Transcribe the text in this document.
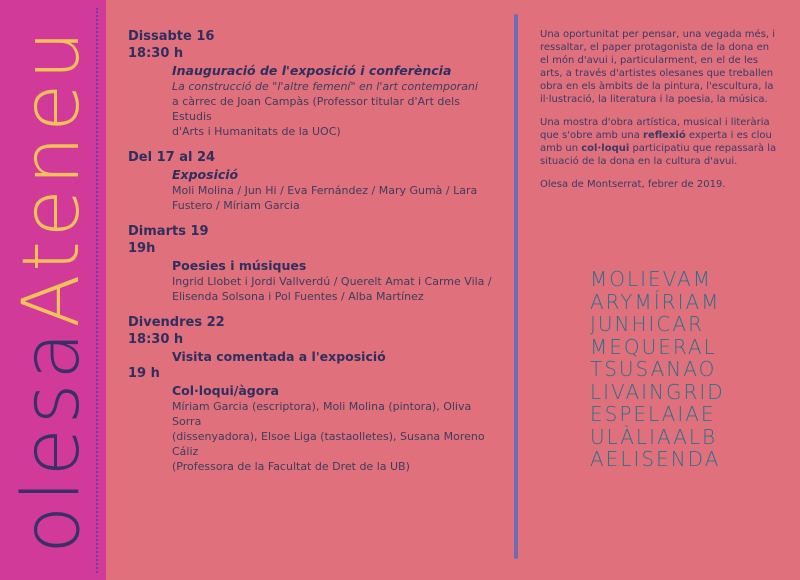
olesaAteneu Dissabte 16
18:30 h
Inauguració de l'exposició i conferència
La construcció de "l'altre femení" en l'art contemporani
a càrrec de Joan Campàs (Professor titular d'Art dels Estudis
d'Arts i Humanitats de la UOC)
Del 17 al 24
Exposició
Moli Molina / Jun Hi / Eva Fernández / Mary Gumà / Lara
Fustero / Míriam Garcia
Dimarts 19
19h
Poesies i músiques
Ingrid Llobet i Jordi Vallverdú / Querelt Amat i Carme Vila /
Elisenda Solsona i Pol Fuentes / Alba Martínez
Divendres 22
18:30 h
Visita comentada a l'exposició
19 h
Col·loqui/àgora
Míriam Garcia (escriptora), Moli Molina (pintora), Oliva Sorra
(dissenyadora), Elsoe Liga (tastaolletes), Susana Moreno Cáliz
(Professora de la Facultat de Dret de la UB)

Una oportunitat per pensar, una vegada més, i ressaltar, el paper protagonista de la dona en el món d'avui i, particularment, en el de les arts, a través d'artistes olesanes que treballen obra en els àmbits de la pintura, l'escultura, la il·lustració, la literatura i la poesia, la música.

Una mostra d'obra artística, musical i literària que s'obre amb una reflexió experta i es clou amb un col·loqui participatiu que repassarà la situació de la dona en la cultura d'avui.

Olesa de Montserrat, febrer de 2019.

MOLIEVAM
ARYMÍRIAM
JUNHICAR
MEQUERAL
TSUSANAO
LIVAINGRID
ESPELAIAE
ULÀLIAALB
AELISENDA
